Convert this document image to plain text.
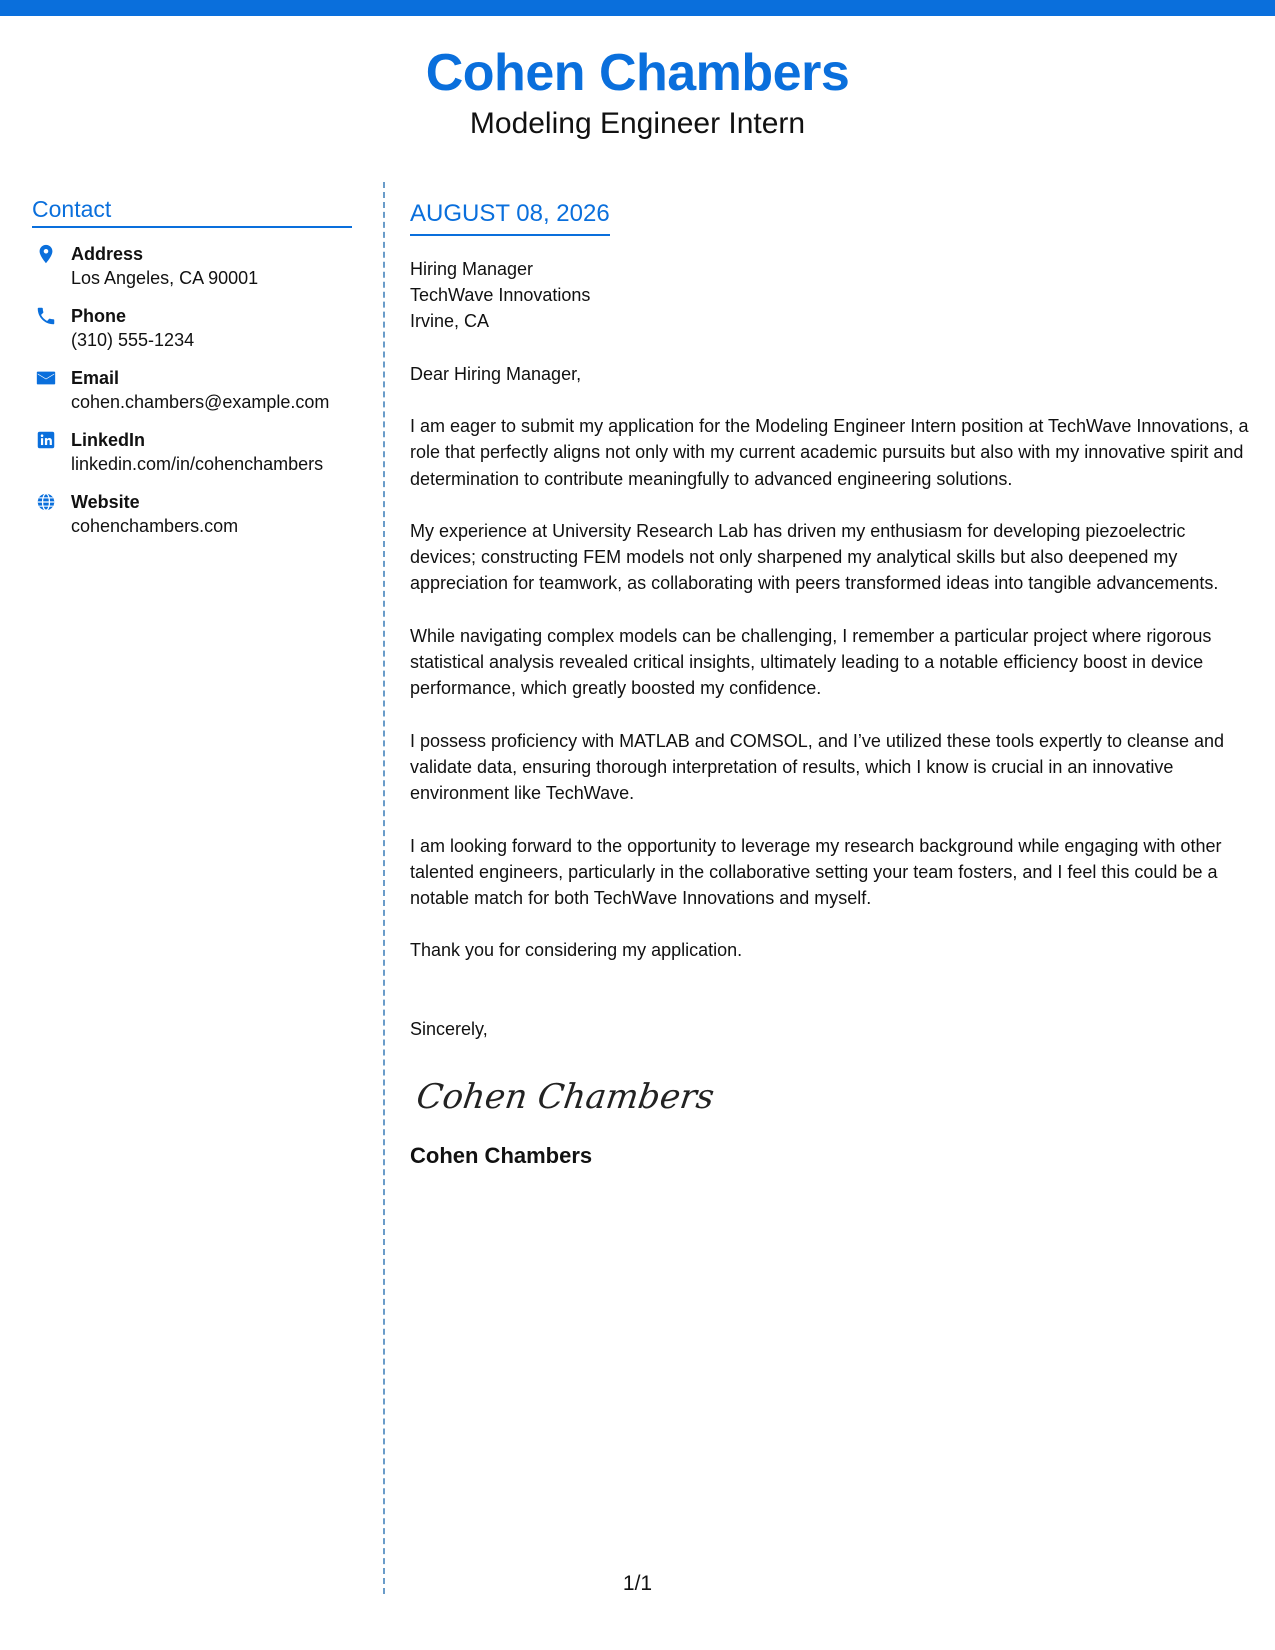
Cohen Chambers
Modeling Engineer Intern
Contact
Address
Los Angeles, CA 90001
Phone
(310) 555-1234
Email
cohen.chambers@example.com
LinkedIn
linkedin.com/in/cohenchambers
Website
cohenchambers.com
AUGUST 08, 2026
Hiring Manager
TechWave Innovations
Irvine, CA
Dear Hiring Manager,
I am eager to submit my application for the Modeling Engineer Intern position at TechWave Innovations, a role that perfectly aligns not only with my current academic pursuits but also with my innovative spirit and determination to contribute meaningfully to advanced engineering solutions.
My experience at University Research Lab has driven my enthusiasm for developing piezoelectric devices; constructing FEM models not only sharpened my analytical skills but also deepened my appreciation for teamwork, as collaborating with peers transformed ideas into tangible advancements.
While navigating complex models can be challenging, I remember a particular project where rigorous statistical analysis revealed critical insights, ultimately leading to a notable efficiency boost in device performance, which greatly boosted my confidence.
I possess proficiency with MATLAB and COMSOL, and I’ve utilized these tools expertly to cleanse and validate data, ensuring thorough interpretation of results, which I know is crucial in an innovative environment like TechWave.
I am looking forward to the opportunity to leverage my research background while engaging with other talented engineers, particularly in the collaborative setting your team fosters, and I feel this could be a notable match for both TechWave Innovations and myself.
Thank you for considering my application.
Sincerely,
Cohen Chambers
Cohen Chambers
1/1
